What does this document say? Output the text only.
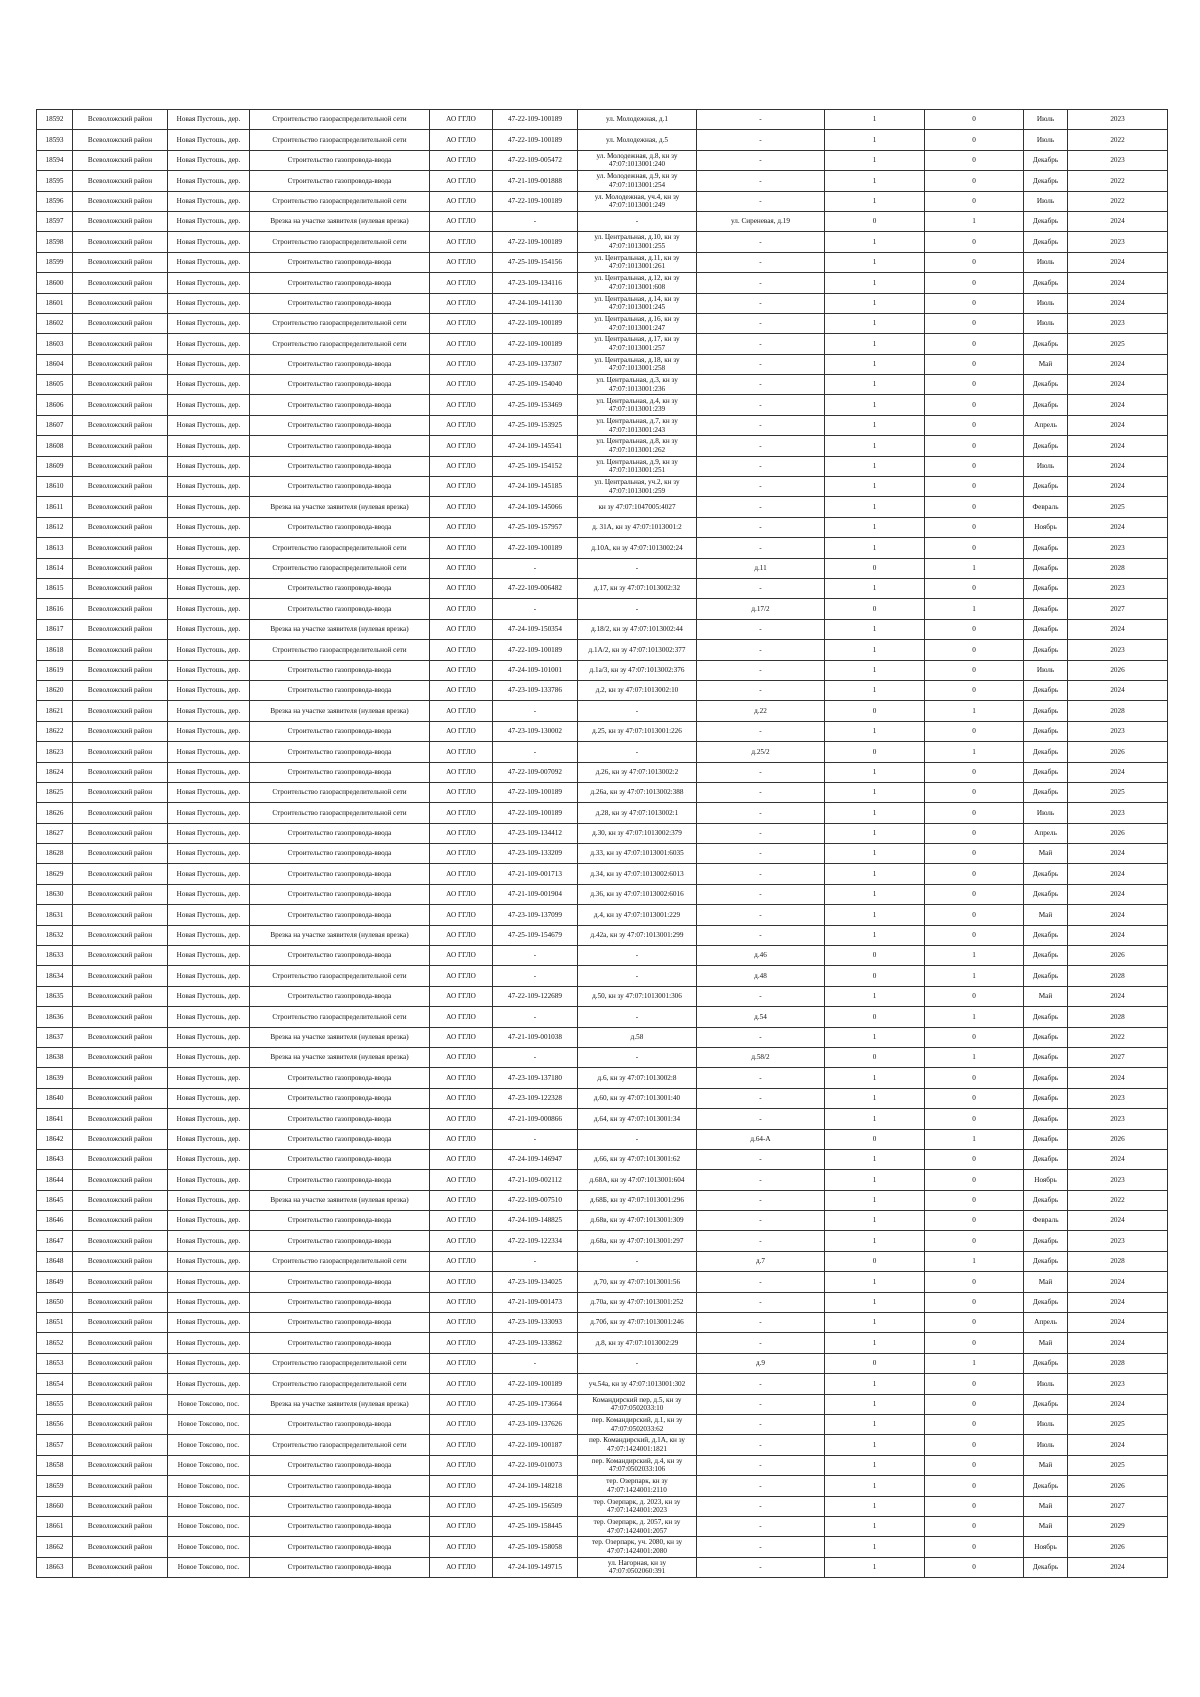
18592	Всеволожский район	Новая Пустошь, дер.	Строительство газораспределительной сети	АО ГГЛО	47-22-109-100189	ул. Молодежная, д.1	-	1	0	Июль	2023
18593	Всеволожский район	Новая Пустошь, дер.	Строительство газораспределительной сети	АО ГГЛО	47-22-109-100189	ул. Молодежная, д.5	-	1	0	Июль	2022
18594	Всеволожский район	Новая Пустошь, дер.	Строительство газопровода-ввода	АО ГГЛО	47-22-109-005472	ул. Молодежная, д.8, кн зу 47:07:1013001:240	-	1	0	Декабрь	2023
18595	Всеволожский район	Новая Пустошь, дер.	Строительство газопровода-ввода	АО ГГЛО	47-21-109-001888	ул. Молодежная, д.9, кн зу 47:07:1013001:254	-	1	0	Декабрь	2022
18596	Всеволожский район	Новая Пустошь, дер.	Строительство газораспределительной сети	АО ГГЛО	47-22-109-100189	ул. Молодежная, уч.4, кн зу 47:07:1013001:249	-	1	0	Июль	2022
18597	Всеволожский район	Новая Пустошь, дер.	Врезка на участке заявителя (нулевая врезка)	АО ГГЛО	-	-	ул. Сиреневая, д.19	0	1	Декабрь	2024
18598	Всеволожский район	Новая Пустошь, дер.	Строительство газораспределительной сети	АО ГГЛО	47-22-109-100189	ул. Центральная, д.10, кн зу 47:07:1013001:255	-	1	0	Декабрь	2023
18599	Всеволожский район	Новая Пустошь, дер.	Строительство газопровода-ввода	АО ГГЛО	47-25-109-154156	ул. Центральная, д.11, кн зу 47:07:1013001:261	-	1	0	Июль	2024
18600	Всеволожский район	Новая Пустошь, дер.	Строительство газопровода-ввода	АО ГГЛО	47-23-109-134116	ул. Центральная, д.12, кн зу 47:07:1013001:608	-	1	0	Декабрь	2024
18601	Всеволожский район	Новая Пустошь, дер.	Строительство газопровода-ввода	АО ГГЛО	47-24-109-141130	ул. Центральная, д.14, кн зу 47:07:1013001:245	-	1	0	Июль	2024
18602	Всеволожский район	Новая Пустошь, дер.	Строительство газораспределительной сети	АО ГГЛО	47-22-109-100189	ул. Центральная, д.16, кн зу 47:07:1013001:247	-	1	0	Июль	2023
18603	Всеволожский район	Новая Пустошь, дер.	Строительство газораспределительной сети	АО ГГЛО	47-22-109-100189	ул. Центральная, д.17, кн зу 47:07:1013001:257	-	1	0	Декабрь	2025
18604	Всеволожский район	Новая Пустошь, дер.	Строительство газопровода-ввода	АО ГГЛО	47-23-109-137307	ул. Центральная, д.18, кн зу 47:07:1013001:258	-	1	0	Май	2024
18605	Всеволожский район	Новая Пустошь, дер.	Строительство газопровода-ввода	АО ГГЛО	47-25-109-154040	ул. Центральная, д.3, кн зу 47:07:1013001:236	-	1	0	Декабрь	2024
18606	Всеволожский район	Новая Пустошь, дер.	Строительство газопровода-ввода	АО ГГЛО	47-25-109-153469	ул. Центральная, д.4, кн зу 47:07:1013001:239	-	1	0	Декабрь	2024
18607	Всеволожский район	Новая Пустошь, дер.	Строительство газопровода-ввода	АО ГГЛО	47-25-109-153925	ул. Центральная, д.7, кн зу 47:07:1013001:243	-	1	0	Апрель	2024
18608	Всеволожский район	Новая Пустошь, дер.	Строительство газопровода-ввода	АО ГГЛО	47-24-109-145541	ул. Центральная, д.8, кн зу 47:07:1013001:262	-	1	0	Декабрь	2024
18609	Всеволожский район	Новая Пустошь, дер.	Строительство газопровода-ввода	АО ГГЛО	47-25-109-154152	ул. Центральная, д.9, кн зу 47:07:1013001:251	-	1	0	Июль	2024
18610	Всеволожский район	Новая Пустошь, дер.	Строительство газопровода-ввода	АО ГГЛО	47-24-109-145185	ул. Центральная, уч.2, кн зу 47:07:1013001:259	-	1	0	Декабрь	2024
18611	Всеволожский район	Новая Пустошь, дер.	Врезка на участке заявителя (нулевая врезка)	АО ГГЛО	47-24-109-145066	кн зу 47:07:1047005:4027	-	1	0	Февраль	2025
18612	Всеволожский район	Новая Пустошь, дер.	Строительство газопровода-ввода	АО ГГЛО	47-25-109-157957	д. 31А, кн зу 47:07:1013001:2	-	1	0	Ноябрь	2024
18613	Всеволожский район	Новая Пустошь, дер.	Строительство газораспределительной сети	АО ГГЛО	47-22-109-100189	д.10А, кн зу 47:07:1013002:24	-	1	0	Декабрь	2023
18614	Всеволожский район	Новая Пустошь, дер.	Строительство газораспределительной сети	АО ГГЛО	-	-	д.11	0	1	Декабрь	2028
18615	Всеволожский район	Новая Пустошь, дер.	Строительство газопровода-ввода	АО ГГЛО	47-22-109-006482	д.17, кн зу 47:07:1013002:32	-	1	0	Декабрь	2023
18616	Всеволожский район	Новая Пустошь, дер.	Строительство газопровода-ввода	АО ГГЛО	-	-	д.17/2	0	1	Декабрь	2027
18617	Всеволожский район	Новая Пустошь, дер.	Врезка на участке заявителя (нулевая врезка)	АО ГГЛО	47-24-109-150354	д.18/2, кн зу 47:07:1013002:44	-	1	0	Декабрь	2024
18618	Всеволожский район	Новая Пустошь, дер.	Строительство газораспределительной сети	АО ГГЛО	47-22-109-100189	д.1А/2, кн зу 47:07:1013002:377	-	1	0	Декабрь	2023
18619	Всеволожский район	Новая Пустошь, дер.	Строительство газопровода-ввода	АО ГГЛО	47-24-109-101001	д.1а/3, кн зу 47:07:1013002:376	-	1	0	Июль	2026
18620	Всеволожский район	Новая Пустошь, дер.	Строительство газопровода-ввода	АО ГГЛО	47-23-109-133786	д.2, кн зу 47:07:1013002:10	-	1	0	Декабрь	2024
18621	Всеволожский район	Новая Пустошь, дер.	Врезка на участке заявителя (нулевая врезка)	АО ГГЛО	-	-	д.22	0	1	Декабрь	2028
18622	Всеволожский район	Новая Пустошь, дер.	Строительство газопровода-ввода	АО ГГЛО	47-23-109-130002	д.25, кн зу 47:07:1013001:226	-	1	0	Декабрь	2023
18623	Всеволожский район	Новая Пустошь, дер.	Строительство газопровода-ввода	АО ГГЛО	-	-	д.25/2	0	1	Декабрь	2026
18624	Всеволожский район	Новая Пустошь, дер.	Строительство газопровода-ввода	АО ГГЛО	47-22-109-007092	д.26, кн зу 47:07:1013002:2	-	1	0	Декабрь	2024
18625	Всеволожский район	Новая Пустошь, дер.	Строительство газораспределительной сети	АО ГГЛО	47-22-109-100189	д.26а, кн зу 47:07:1013002:388	-	1	0	Декабрь	2025
18626	Всеволожский район	Новая Пустошь, дер.	Строительство газораспределительной сети	АО ГГЛО	47-22-109-100189	д.28, кн зу 47:07:1013002:1	-	1	0	Июль	2023
18627	Всеволожский район	Новая Пустошь, дер.	Строительство газопровода-ввода	АО ГГЛО	47-23-109-134412	д.30, кн зу 47:07:1013002:379	-	1	0	Апрель	2026
18628	Всеволожский район	Новая Пустошь, дер.	Строительство газопровода-ввода	АО ГГЛО	47-23-109-133209	д.33, кн зу 47:07:1013001:6035	-	1	0	Май	2024
18629	Всеволожский район	Новая Пустошь, дер.	Строительство газопровода-ввода	АО ГГЛО	47-21-109-001713	д.34, кн зу 47:07:1013002:6013	-	1	0	Декабрь	2024
18630	Всеволожский район	Новая Пустошь, дер.	Строительство газопровода-ввода	АО ГГЛО	47-21-109-001904	д.36, кн зу 47:07:1013002:6016	-	1	0	Декабрь	2024
18631	Всеволожский район	Новая Пустошь, дер.	Строительство газопровода-ввода	АО ГГЛО	47-23-109-137099	д.4, кн зу 47:07:1013001:229	-	1	0	Май	2024
18632	Всеволожский район	Новая Пустошь, дер.	Врезка на участке заявителя (нулевая врезка)	АО ГГЛО	47-25-109-154679	д.42а, кн зу 47:07:1013001:299	-	1	0	Декабрь	2024
18633	Всеволожский район	Новая Пустошь, дер.	Строительство газопровода-ввода	АО ГГЛО	-	-	д.46	0	1	Декабрь	2026
18634	Всеволожский район	Новая Пустошь, дер.	Строительство газораспределительной сети	АО ГГЛО	-	-	д.48	0	1	Декабрь	2028
18635	Всеволожский район	Новая Пустошь, дер.	Строительство газопровода-ввода	АО ГГЛО	47-22-109-122689	д.50, кн зу 47:07:1013001:306	-	1	0	Май	2024
18636	Всеволожский район	Новая Пустошь, дер.	Строительство газораспределительной сети	АО ГГЛО	-	-	д.54	0	1	Декабрь	2028
18637	Всеволожский район	Новая Пустошь, дер.	Врезка на участке заявителя (нулевая врезка)	АО ГГЛО	47-21-109-001038	д.58	-	1	0	Декабрь	2022
18638	Всеволожский район	Новая Пустошь, дер.	Врезка на участке заявителя (нулевая врезка)	АО ГГЛО	-	-	д.58/2	0	1	Декабрь	2027
18639	Всеволожский район	Новая Пустошь, дер.	Строительство газопровода-ввода	АО ГГЛО	47-23-109-137180	д.6, кн зу 47:07:1013002:8	-	1	0	Декабрь	2024
18640	Всеволожский район	Новая Пустошь, дер.	Строительство газопровода-ввода	АО ГГЛО	47-23-109-122328	д.60, кн зу 47:07:1013001:40	-	1	0	Декабрь	2023
18641	Всеволожский район	Новая Пустошь, дер.	Строительство газопровода-ввода	АО ГГЛО	47-21-109-000866	д.64, кн зу 47:07:1013001:34	-	1	0	Декабрь	2023
18642	Всеволожский район	Новая Пустошь, дер.	Строительство газопровода-ввода	АО ГГЛО	-	-	д.64-А	0	1	Декабрь	2026
18643	Всеволожский район	Новая Пустошь, дер.	Строительство газопровода-ввода	АО ГГЛО	47-24-109-146947	д.66, кн зу 47:07:1013001:62	-	1	0	Декабрь	2024
18644	Всеволожский район	Новая Пустошь, дер.	Строительство газопровода-ввода	АО ГГЛО	47-21-109-002112	д.68А, кн зу 47:07:1013001:604	-	1	0	Ноябрь	2023
18645	Всеволожский район	Новая Пустошь, дер.	Врезка на участке заявителя (нулевая врезка)	АО ГГЛО	47-22-109-007510	д.68Б, кн зу 47:07:1013001:296	-	1	0	Декабрь	2022
18646	Всеволожский район	Новая Пустошь, дер.	Строительство газопровода-ввода	АО ГГЛО	47-24-109-148825	д.68в, кн зу 47:07:1013001:309	-	1	0	Февраль	2024
18647	Всеволожский район	Новая Пустошь, дер.	Строительство газопровода-ввода	АО ГГЛО	47-22-109-122334	д.68а, кн зу 47:07:1013001:297	-	1	0	Декабрь	2023
18648	Всеволожский район	Новая Пустошь, дер.	Строительство газораспределительной сети	АО ГГЛО	-	-	д.7	0	1	Декабрь	2028
18649	Всеволожский район	Новая Пустошь, дер.	Строительство газопровода-ввода	АО ГГЛО	47-23-109-134025	д.70, кн зу 47:07:1013001:56	-	1	0	Май	2024
18650	Всеволожский район	Новая Пустошь, дер.	Строительство газопровода-ввода	АО ГГЛО	47-21-109-001473	д.70а, кн зу 47:07:1013001:252	-	1	0	Декабрь	2024
18651	Всеволожский район	Новая Пустошь, дер.	Строительство газопровода-ввода	АО ГГЛО	47-23-109-133093	д.70б, кн зу 47:07:1013001:246	-	1	0	Апрель	2024
18652	Всеволожский район	Новая Пустошь, дер.	Строительство газопровода-ввода	АО ГГЛО	47-23-109-133862	д.8, кн зу 47:07:1013002:29	-	1	0	Май	2024
18653	Всеволожский район	Новая Пустошь, дер.	Строительство газораспределительной сети	АО ГГЛО	-	-	д.9	0	1	Декабрь	2028
18654	Всеволожский район	Новая Пустошь, дер.	Строительство газораспределительной сети	АО ГГЛО	47-22-109-100189	уч.54а, кн зу 47:07:1013001:302	-	1	0	Июль	2023
18655	Всеволожский район	Новое Токсово, пос.	Врезка на участке заявителя (нулевая врезка)	АО ГГЛО	47-25-109-173664	Командирский пер, д.5, кн зу 47:07:0502033:10	-	1	0	Декабрь	2024
18656	Всеволожский район	Новое Токсово, пос.	Строительство газопровода-ввода	АО ГГЛО	47-23-109-137626	пер. Командирский, д.1, кн зу 47:07:0502033:62	-	1	0	Июль	2025
18657	Всеволожский район	Новое Токсово, пос.	Строительство газораспределительной сети	АО ГГЛО	47-22-109-100187	пер. Командирский, д.1А, кн зу 47:07:1424001:1821	-	1	0	Июль	2024
18658	Всеволожский район	Новое Токсово, пос.	Строительство газопровода-ввода	АО ГГЛО	47-22-109-010073	пер. Командирский, д.4, кн зу 47:07:0502033:106	-	1	0	Май	2025
18659	Всеволожский район	Новое Токсово, пос.	Строительство газопровода-ввода	АО ГГЛО	47-24-109-148218	тер. Озерпарк, кн зу 47:07:1424001:2110	-	1	0	Декабрь	2026
18660	Всеволожский район	Новое Токсово, пос.	Строительство газопровода-ввода	АО ГГЛО	47-25-109-156509	тер. Озерпарк, д. 2023, кн зу 47:07:1424001:2023	-	1	0	Май	2027
18661	Всеволожский район	Новое Токсово, пос.	Строительство газопровода-ввода	АО ГГЛО	47-25-109-158445	тер. Озерпарк, д. 2057, кн зу 47:07:1424001:2057	-	1	0	Май	2029
18662	Всеволожский район	Новое Токсово, пос.	Строительство газопровода-ввода	АО ГГЛО	47-25-109-158058	тер. Озерпарк, уч. 2080, кн зу 47:07:1424001:2080	-	1	0	Ноябрь	2026
18663	Всеволожский район	Новое Токсово, пос.	Строительство газопровода-ввода	АО ГГЛО	47-24-109-149715	ул. Нагорная, кн зу 47:07:0502060:391	-	1	0	Декабрь	2024
